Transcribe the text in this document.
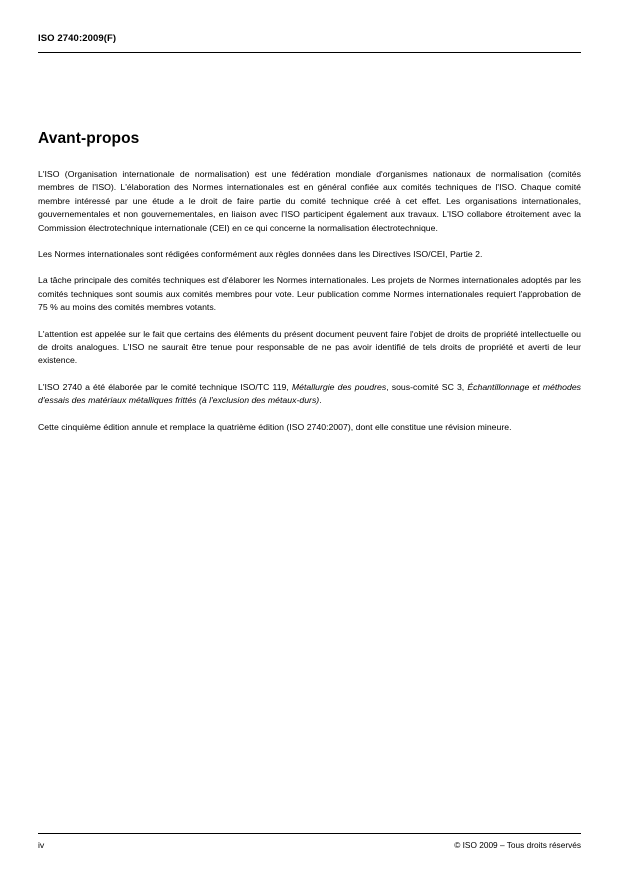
ISO 2740:2009(F)
Avant-propos

L'ISO (Organisation internationale de normalisation) est une fédération mondiale d'organismes nationaux de normalisation (comités membres de l'ISO). L'élaboration des Normes internationales est en général confiée aux comités techniques de l'ISO. Chaque comité membre intéressé par une étude a le droit de faire partie du comité technique créé à cet effet. Les organisations internationales, gouvernementales et non gouvernementales, en liaison avec l'ISO participent également aux travaux. L'ISO collabore étroitement avec la Commission électrotechnique internationale (CEI) en ce qui concerne la normalisation électrotechnique.

Les Normes internationales sont rédigées conformément aux règles données dans les Directives ISO/CEI, Partie 2.

La tâche principale des comités techniques est d'élaborer les Normes internationales. Les projets de Normes internationales adoptés par les comités techniques sont soumis aux comités membres pour vote. Leur publication comme Normes internationales requiert l'approbation de 75 % au moins des comités membres votants.

L'attention est appelée sur le fait que certains des éléments du présent document peuvent faire l'objet de droits de propriété intellectuelle ou de droits analogues. L'ISO ne saurait être tenue pour responsable de ne pas avoir identifié de tels droits de propriété et averti de leur existence.

L'ISO 2740 a été élaborée par le comité technique ISO/TC 119, Métallurgie des poudres, sous-comité SC 3, Échantillonnage et méthodes d'essais des matériaux métalliques frittés (à l'exclusion des métaux-durs).

Cette cinquième édition annule et remplace la quatrième édition (ISO 2740:2007), dont elle constitue une révision mineure.

iv	© ISO 2009 – Tous droits réservés
